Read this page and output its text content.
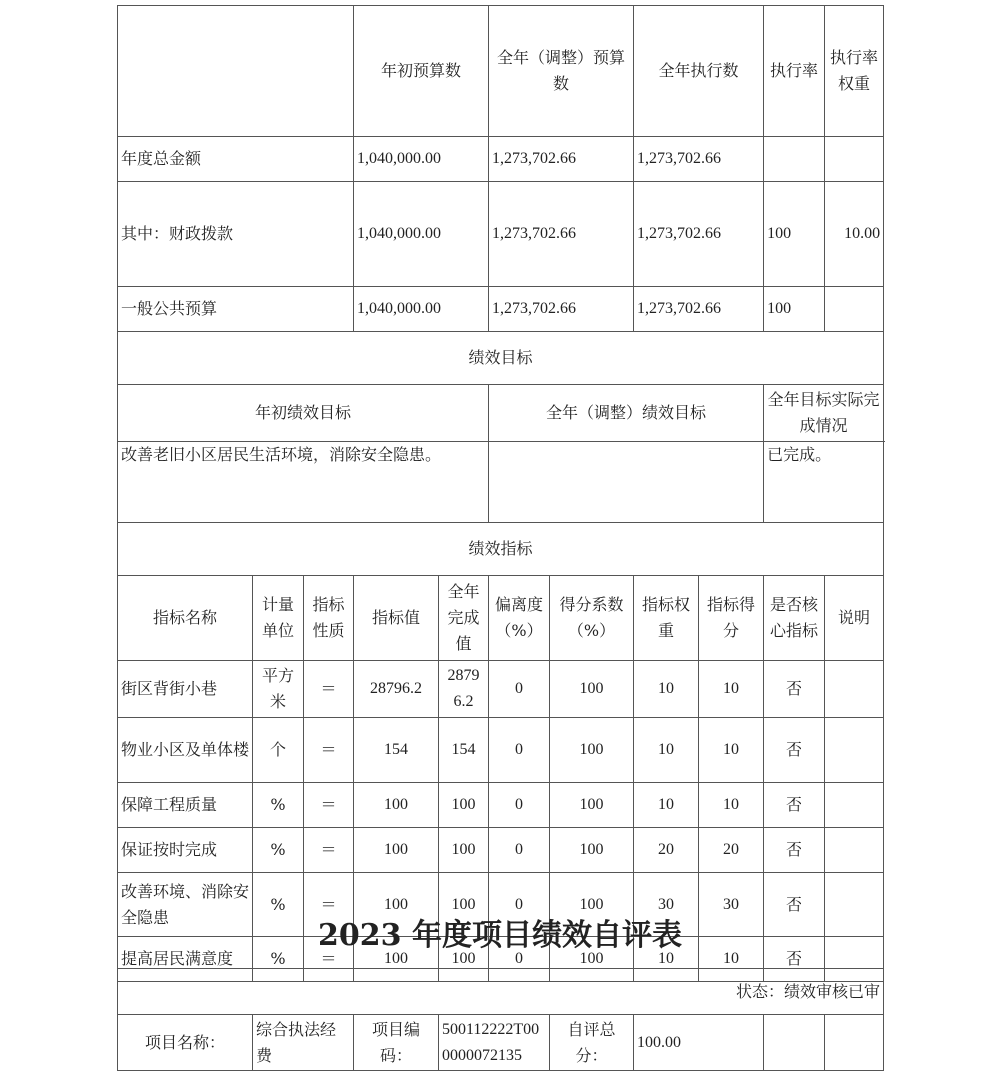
			年初预算数		全年（调整）预算数		全年执行数		执行率	执行率权重	
年度总金额			1,040,000.00		1,273,702.66		1,273,702.66				
其中：财政拨款			1,040,000.00		1,273,702.66		1,273,702.66		100	10.00	
一般公共预算			1,040,000.00		1,273,702.66		1,273,702.66		100		
绩效目标											
年初绩效目标					全年（调整）绩效目标				全年目标实际完成情况		
改善老旧小区居民生活环境，消除安全隐患。									已完成。		
绩效指标											
指标名称	计量单位	指标性质	指标值	全年完成值	偏离度（%）	得分系数（%）	指标权重	指标得分	是否核心指标	说明	
街区背街小巷	平方米	＝	28796.2	28796.2	0	100	10	10	否		
物业小区及单体楼	个	＝	154	154	0	100	10	10	否		
保障工程质量	%	＝	100	100	0	100	10	10	否		
保证按时完成	%	＝	100	100	0	100	20	20	否		
改善环境、消除安全隐患	%	＝	100	100	0	100	30	30	否		
提高居民满意度	%	＝	100	100	0	100	10	10	否		
2023 年度项目绩效自评表
状态：绩效审核已审
项目名称：	综合执法经费	项目编码：	500112222T000000072135	自评总分：	100.00		
